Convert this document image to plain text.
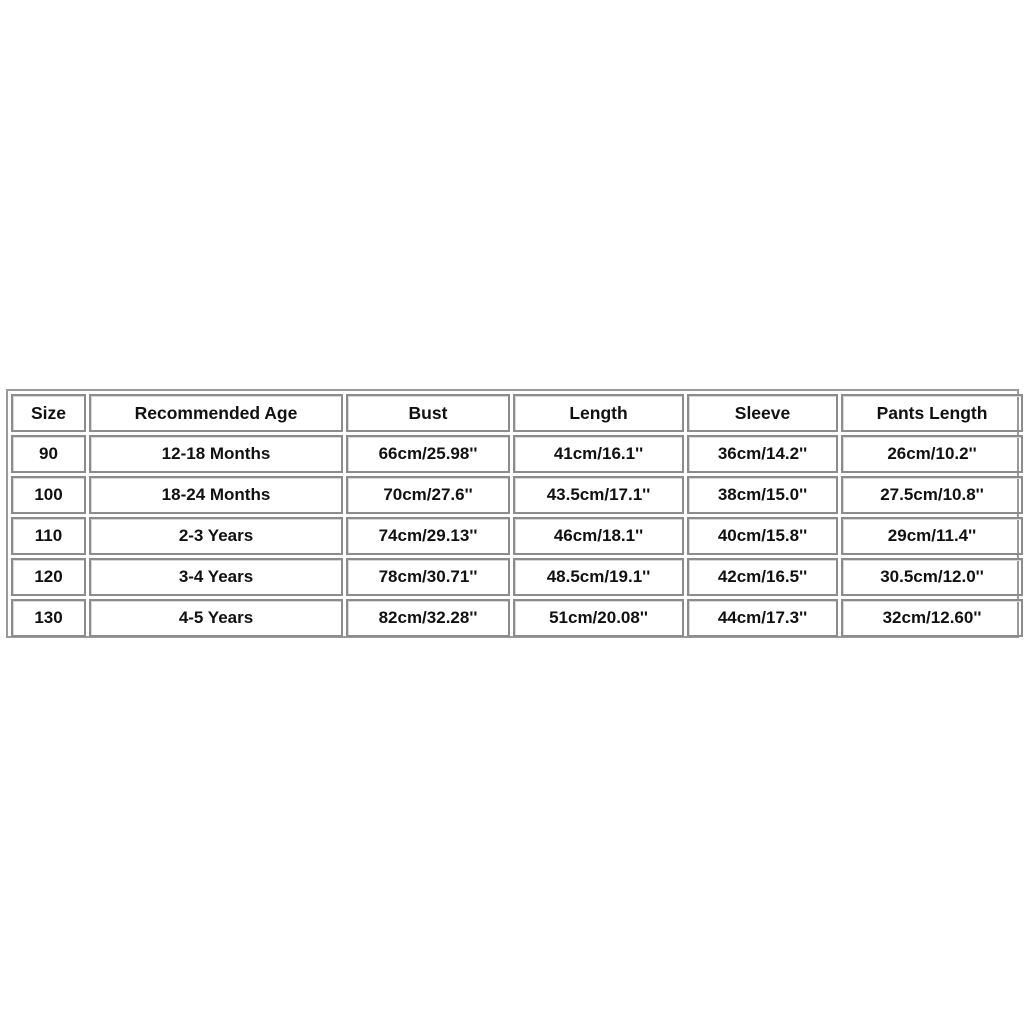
Size	Recommended Age	Bust	Length	Sleeve	Pants Length
90	12-18 Months	66cm/25.98''	41cm/16.1''	36cm/14.2''	26cm/10.2''
100	18-24 Months	70cm/27.6''	43.5cm/17.1''	38cm/15.0''	27.5cm/10.8''
110	2-3 Years	74cm/29.13''	46cm/18.1''	40cm/15.8''	29cm/11.4''
120	3-4 Years	78cm/30.71''	48.5cm/19.1''	42cm/16.5''	30.5cm/12.0''
130	4-5 Years	82cm/32.28''	51cm/20.08''	44cm/17.3''	32cm/12.60''
